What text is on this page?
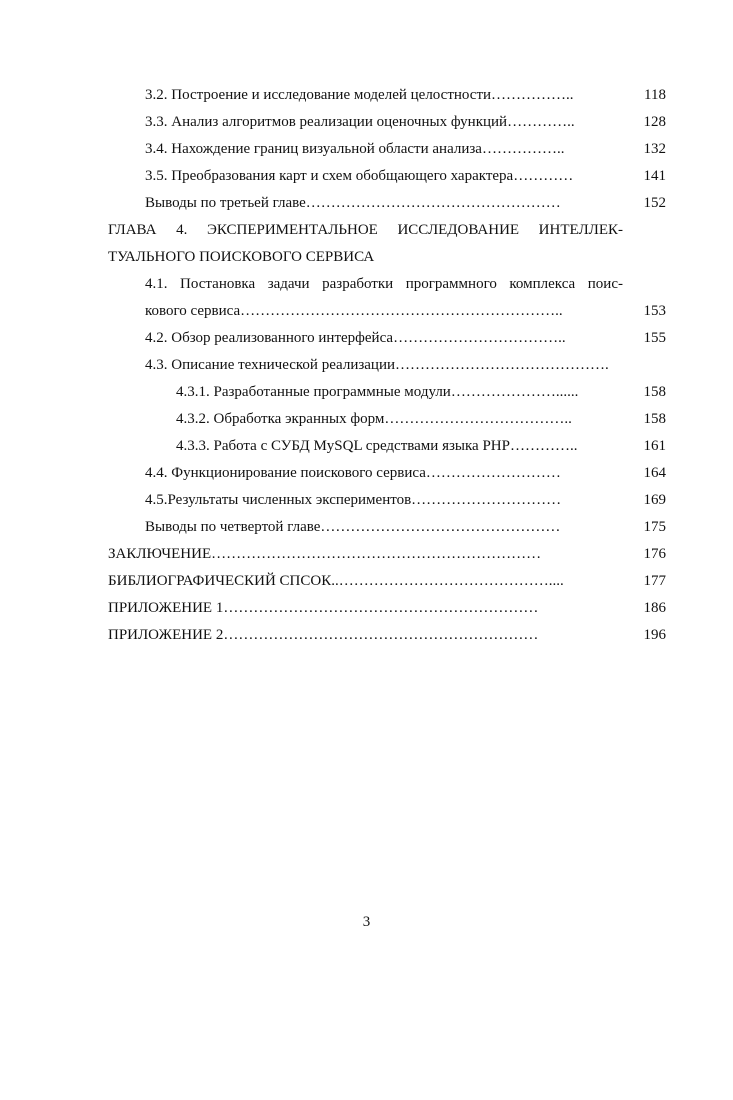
3.2. Построение и исследование моделей целостности……………..	118
3.3. Анализ алгоритмов реализации оценочных функций…………..	128
3.4. Нахождение границ визуальной области анализа……………..	132
3.5. Преобразования карт и схем обобщающего характера…………	141
Выводы по третьей главе……………………………………………	152
ГЛАВА 4. ЭКСПЕРИМЕНТАЛЬНОЕ ИССЛЕДОВАНИЕ ИНТЕЛЛЕК-
ТУАЛЬНОГО ПОИСКОВОГО СЕРВИСА
4.1. Постановка задачи разработки программного комплекса поис-
кового сервиса………………………………………………………..	153
4.2. Обзор реализованного интерфейса……………………………..	155
4.3. Описание технической реализации…………………………………….
4.3.1. Разработанные программные модули…………………......	158
4.3.2. Обработка экранных форм………………………………..	158
4.3.3. Работа с СУБД MySQL средствами языка PHP…………..	161
4.4. Функционирование поискового сервиса………………………	164
4.5.Результаты численных экспериментов…………………………	169
Выводы по четвертой главе…………………………………………	175
ЗАКЛЮЧЕНИЕ…………………………………………………………	176
БИБЛИОГРАФИЧЕСКИЙ СПСОК..……………………………………....	177
ПРИЛОЖЕНИЕ 1………………………………………………………	186
ПРИЛОЖЕНИЕ 2………………………………………………………	196
3
